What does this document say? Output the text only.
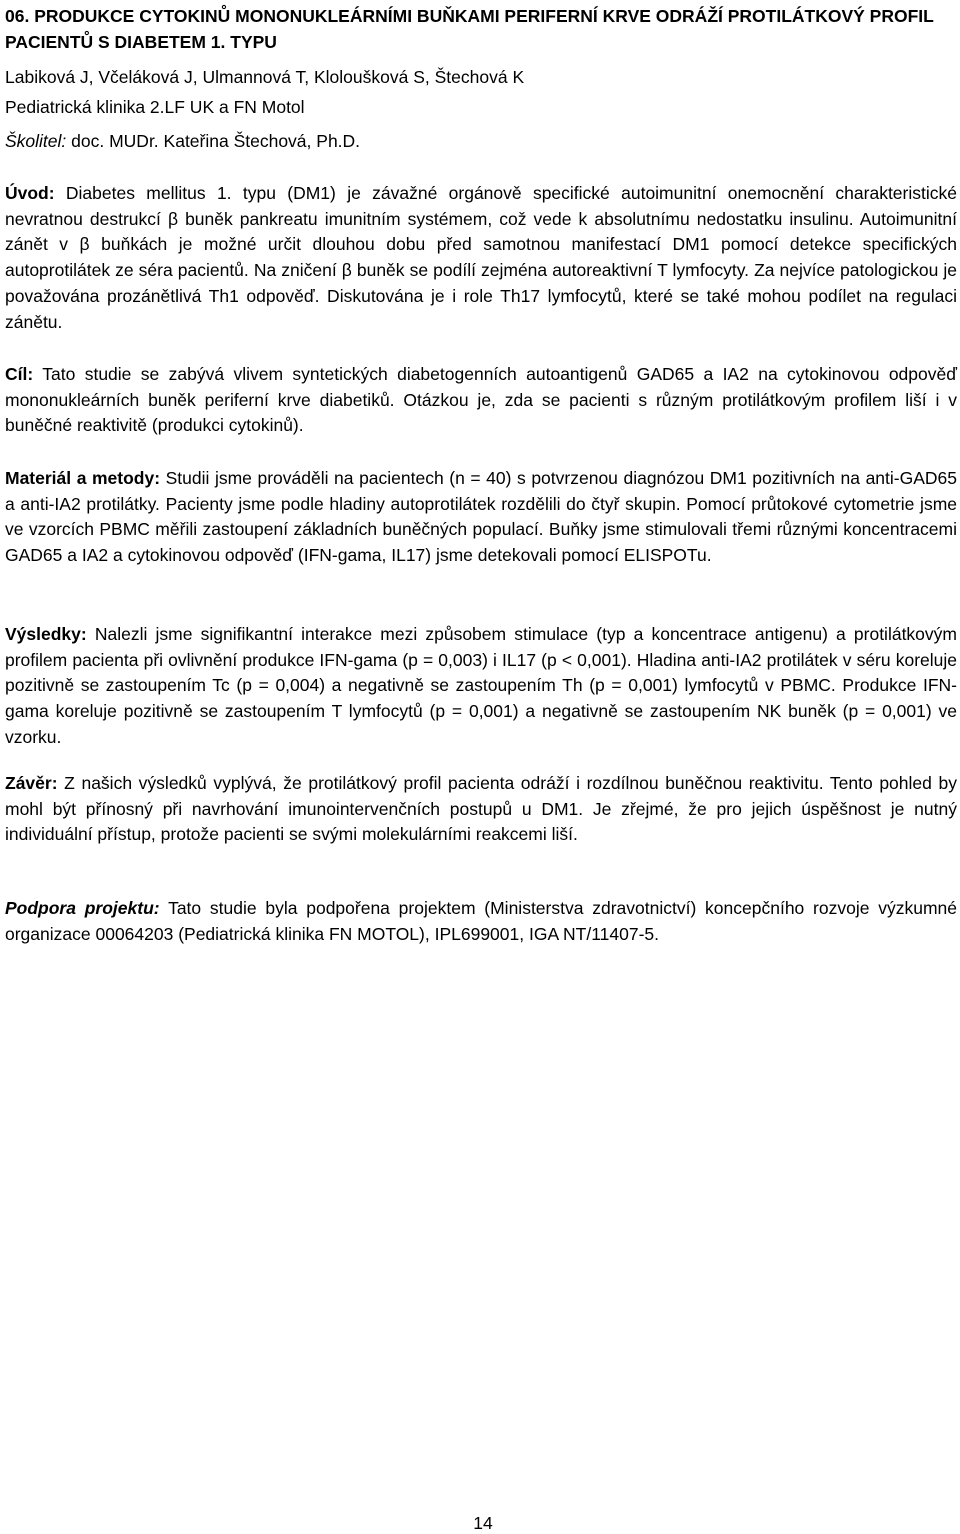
06. PRODUKCE CYTOKINŮ MONONUKLEÁRNÍMI BUŇKAMI PERIFERNÍ KRVE ODRÁŽÍ PROTILÁTKOVÝ PROFIL PACIENTŮ S DIABETEM 1. TYPU

Labiková J, Včeláková J, Ulmannová T, Kloloušková S, Štechová K

Pediatrická klinika 2.LF UK a FN Motol

Školitel: doc. MUDr. Kateřina Štechová, Ph.D.

Úvod: Diabetes mellitus 1. typu (DM1) je závažné orgánově specifické autoimunitní onemocnění charakteristické nevratnou destrukcí β buněk pankreatu imunitním systémem, což vede k absolutnímu nedostatku insulinu. Autoimunitní zánět v β buňkách je možné určit dlouhou dobu před samotnou manifestací DM1 pomocí detekce specifických autoprotilátek ze séra pacientů. Na zničení β buněk se podílí zejména autoreaktivní T lymfocyty. Za nejvíce patologickou je považována prozánětlivá Th1 odpověď. Diskutována je i role Th17 lymfocytů, které se také mohou podílet na regulaci zánětu.

Cíl: Tato studie se zabývá vlivem syntetických diabetogenních autoantigenů GAD65 a IA2 na cytokinovou odpověď mononukleárních buněk periferní krve diabetiků. Otázkou je, zda se pacienti s různým protilátkovým profilem liší i v buněčné reaktivitě (produkci cytokinů).

Materiál a metody: Studii jsme prováděli na pacientech (n = 40) s potvrzenou diagnózou DM1 pozitivních na anti-GAD65 a anti-IA2 protilátky. Pacienty jsme podle hladiny autoprotilátek rozdělili do čtyř skupin. Pomocí průtokové cytometrie jsme ve vzorcích PBMC měřili zastoupení základních buněčných populací. Buňky jsme stimulovali třemi různými koncentracemi GAD65 a IA2 a cytokinovou odpověď (IFN-gama, IL17) jsme detekovali pomocí ELISPOTu.

Výsledky: Nalezli jsme signifikantní interakce mezi způsobem stimulace (typ a koncentrace antigenu) a protilátkovým profilem pacienta při ovlivnění produkce IFN-gama (p = 0,003) i IL17 (p < 0,001). Hladina anti-IA2 protilátek v séru koreluje pozitivně se zastoupením Tc (p = 0,004) a negativně se zastoupením Th (p = 0,001) lymfocytů v PBMC. Produkce IFN-gama koreluje pozitivně se zastoupením T lymfocytů (p = 0,001) a negativně se zastoupením NK buněk (p = 0,001) ve vzorku.

Závěr: Z našich výsledků vyplývá, že protilátkový profil pacienta odráží i rozdílnou buněčnou reaktivitu. Tento pohled by mohl být přínosný při navrhování imunointervenčních postupů u DM1. Je zřejmé, že pro jejich úspěšnost je nutný individuální přístup, protože pacienti se svými molekulárními reakcemi liší.

Podpora projektu: Tato studie byla podpořena projektem (Ministerstva zdravotnictví) koncepčního rozvoje výzkumné organizace 00064203 (Pediatrická klinika FN MOTOL), IPL699001, IGA NT/11407-5.

14
